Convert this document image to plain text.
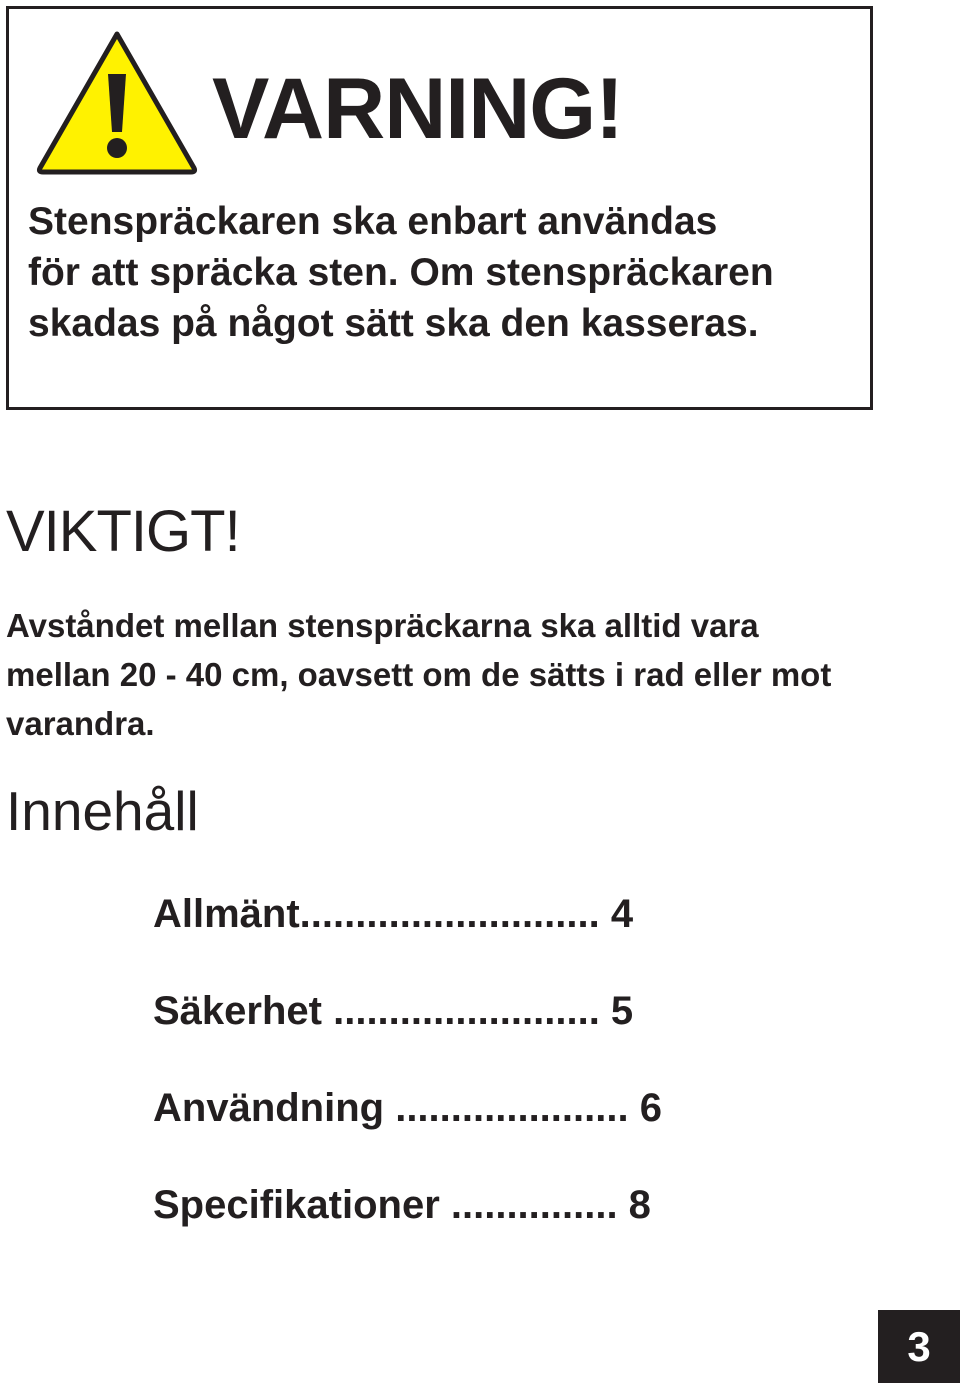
VARNING!
Stenspräckaren ska enbart användas
för att spräcka sten. Om stenspräckaren
skadas på något sätt ska den kasseras.
VIKTIGT!
Avståndet mellan stenspräckarna ska alltid vara
mellan 20 - 40 cm, oavsett om de sätts i rad eller mot
varandra.
Innehåll
Allmänt........................... 4
Säkerhet ........................ 5
Användning ..................... 6
Specifikationer ............... 8
3
